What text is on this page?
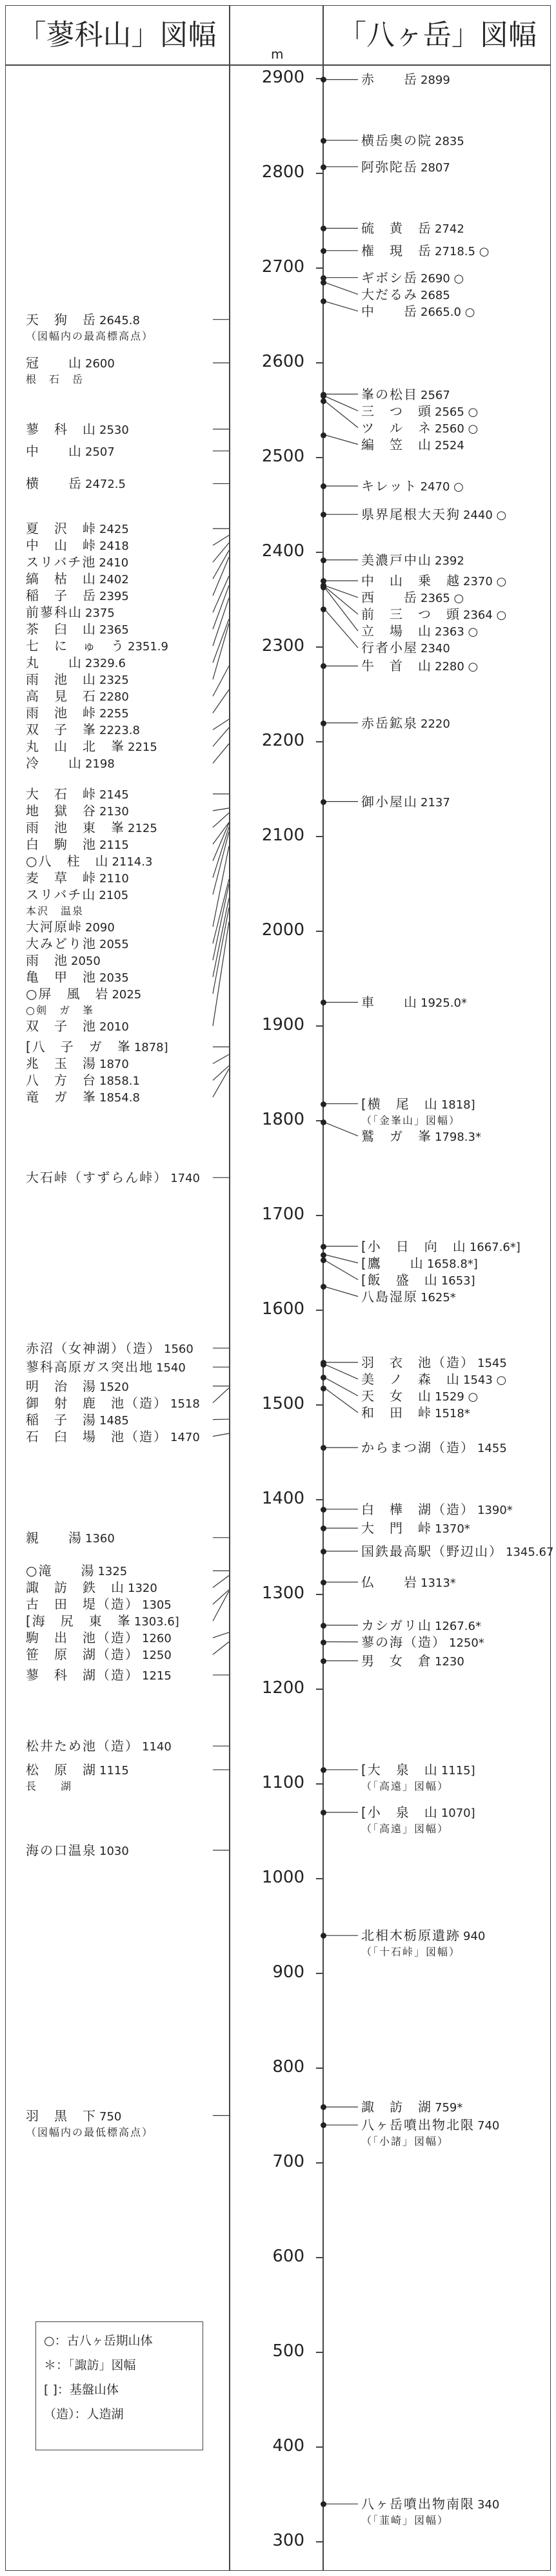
「蓼科山」図幅	「八ヶ岳」図幅
m
2900
2800
2700
2600
2500
2400
2300
2200
2100
2000
1900
1800
1700
1600
1500
1400
1300
1200
1100
1000
900
800
700
600
500
400
300
天　狗　岳 2645.8
（図幅内の最高標高点）
冠　　山 2600
根　石　岳
蓼　科　山 2530
中　　山 2507
横　　岳 2472.5
夏　沢　峠 2425
中　山　峠 2418
スリバチ池 2410
縞　枯　山 2402
稲　子　岳 2395
前蓼科山 2375
茶　臼　山 2365
七　に　ゅ　う 2351.9
丸　　山 2329.6
雨　池　山 2325
高　見　石 2280
雨　池　峠 2255
双　子　峯 2223.8
丸　山　北　峯 2215
冷　　山 2198
大　石　峠 2145
地　獄　谷 2130
雨　池　東　峯 2125
白　駒　池 2115
○八　柱　山 2114.3
麦　草　峠 2110
スリバチ山 2105
本沢　温泉
大河原峠 2090
大みどり池 2055
雨　池 2050
亀　甲　池 2035
○屏　風　岩 2025
○剣　ガ　峯
双　子　池 2010
[八　子　ガ　峯 1878]
兆　玉　湯 1870
八　方　台 1858.1
竜　ガ　峯 1854.8
大石峠（すずらん峠） 1740
赤沼（女神湖）（造） 1560
蓼科高原ガス突出地 1540
明　治　湯 1520
御　射　鹿　池（造） 1518
稲　子　湯 1485
石　臼　場　池（造） 1470
親　　湯 1360
○滝　　湯 1325
諏　訪　鉄　山 1320
古　田　堤（造） 1305
[海　尻　東　峯 1303.6]
駒　出　池（造） 1260
笹　原　湖（造） 1250
蓼　科　湖（造） 1215
松井ため池（造） 1140
松　原　湖 1115
長　　湖
海の口温泉 1030
羽　黒　下 750
（図幅内の最低標高点）
赤　　岳 2899
横岳奥の院 2835
阿弥陀岳 2807
硫　黄　岳 2742
権　現　岳 2718.5 ○
ギボシ岳 2690 ○
大だるみ 2685
中　　岳 2665.0 ○
峯の松目 2567
三　つ　頭 2565 ○
ツ　ル　ネ 2560 ○
編　笠　山 2524
キレット 2470 ○
県界尾根大天狗 2440 ○
美濃戸中山 2392
中　山　乗　越 2370 ○
西　　岳 2365 ○
前　三　つ　頭 2364 ○
立　場　山 2363 ○
行者小屋 2340
牛　首　山 2280 ○
赤岳鉱泉 2220
御小屋山 2137
車　　山 1925.0*
[横　尾　山 1818]
（「金峯山」図幅）
鷲　ガ　峯 1798.3*
[小　日　向　山 1667.6*]
[鷹　　山 1658.8*]
[飯　盛　山 1653]
八島湿原 1625*
羽　衣　池（造） 1545
美　ノ　森　山 1543 ○
天　女　山 1529 ○
和　田　峠 1518*
からまつ湖（造） 1455
白　樺　湖（造） 1390*
大　門　峠 1370*
国鉄最高駅（野辺山） 1345.67
仏　　岩 1313*
カシガリ山 1267.6*
蓼の海（造） 1250*
男　女　倉 1230
[大　泉　山 1115]
（「高遠」図幅）
[小　泉　山 1070]
（「高遠」図幅）
北相木栃原遺跡 940
（「十石峠」図幅）
諏　訪　湖 759*
八ヶ岳噴出物北限 740
（「小諸」図幅）
八ヶ岳噴出物南限 340
（「韮崎」図幅）
○：古八ヶ岳期山体
＊：「諏訪」図幅
[ ]：基盤山体
（造）：人造湖
